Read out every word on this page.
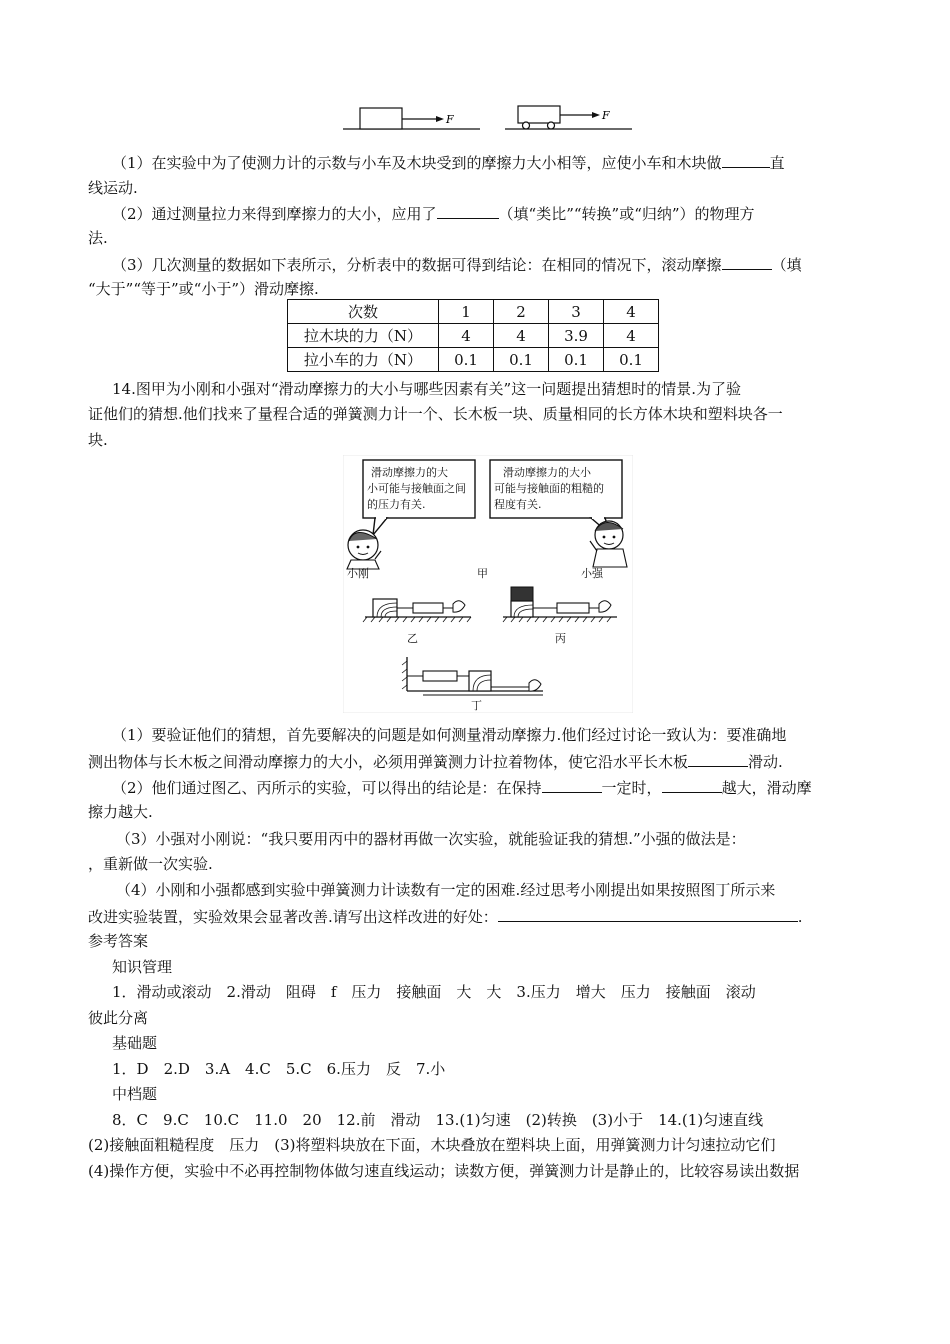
F	F
（1）在实验中为了使测力计的示数与小车及木块受到的摩擦力大小相等，应使小车和木块做	直
线运动.
（2）通过测量拉力来得到摩擦力的大小，应用了	（填“类比”“转换”或“归纳”）的物理方
法.
（3）几次测量的数据如下表所示，分析表中的数据可得到结论：在相同的情况下，滚动摩擦	（填
“大于”“等于”或“小于”）滑动摩擦.
次数	1	2	3	4
拉木块的力（N）	4	4	3.9	4
拉小车的力（N）	0.1	0.1	0.1	0.1
14.图甲为小刚和小强对“滑动摩擦力的大小与哪些因素有关”这一问题提出猜想时的情景.为了验
证他们的猜想.他们找来了量程合适的弹簧测力计一个、长木板一块、质量相同的长方体木块和塑料块各一
块.
滑动摩擦力的大
小可能与接触面之间
的压力有关.
滑动摩擦力的大小
可能与接触面的粗糙的
程度有关.
小刚	甲	小强
乙	丙
丁
（1）要验证他们的猜想，首先要解决的问题是如何测量滑动摩擦力.他们经过讨论一致认为：要准确地
测出物体与长木板之间滑动摩擦力的大小，必须用弹簧测力计拉着物体，使它沿水平长木板	滑动.
（2）他们通过图乙、丙所示的实验，可以得出的结论是：在保持	一定时，	越大，滑动摩
擦力越大.
（3）小强对小刚说：“我只要用丙中的器材再做一次实验，就能验证我的猜想.”小强的做法是：
，重新做一次实验.
（4）小刚和小强都感到实验中弹簧测力计读数有一定的困难.经过思考小刚提出如果按照图丁所示来
改进实验装置，实验效果会显著改善.请写出这样改进的好处：	.
参考答案
知识管理
1．滑动或滚动　2.滑动　阻碍　f　压力　接触面　大　大　3.压力　增大　压力　接触面　滚动
彼此分离
基础题
1．D　2.D　3.A　4.C　5.C　6.压力　反　7.小
中档题
8．C　9.C　10.C　11.0　20　12.前　滑动　13.(1)匀速　(2)转换　(3)小于　14.(1)匀速直线
(2)接触面粗糙程度　压力　(3)将塑料块放在下面，木块叠放在塑料块上面，用弹簧测力计匀速拉动它们
(4)操作方便，实验中不必再控制物体做匀速直线运动；读数方便，弹簧测力计是静止的，比较容易读出数据
